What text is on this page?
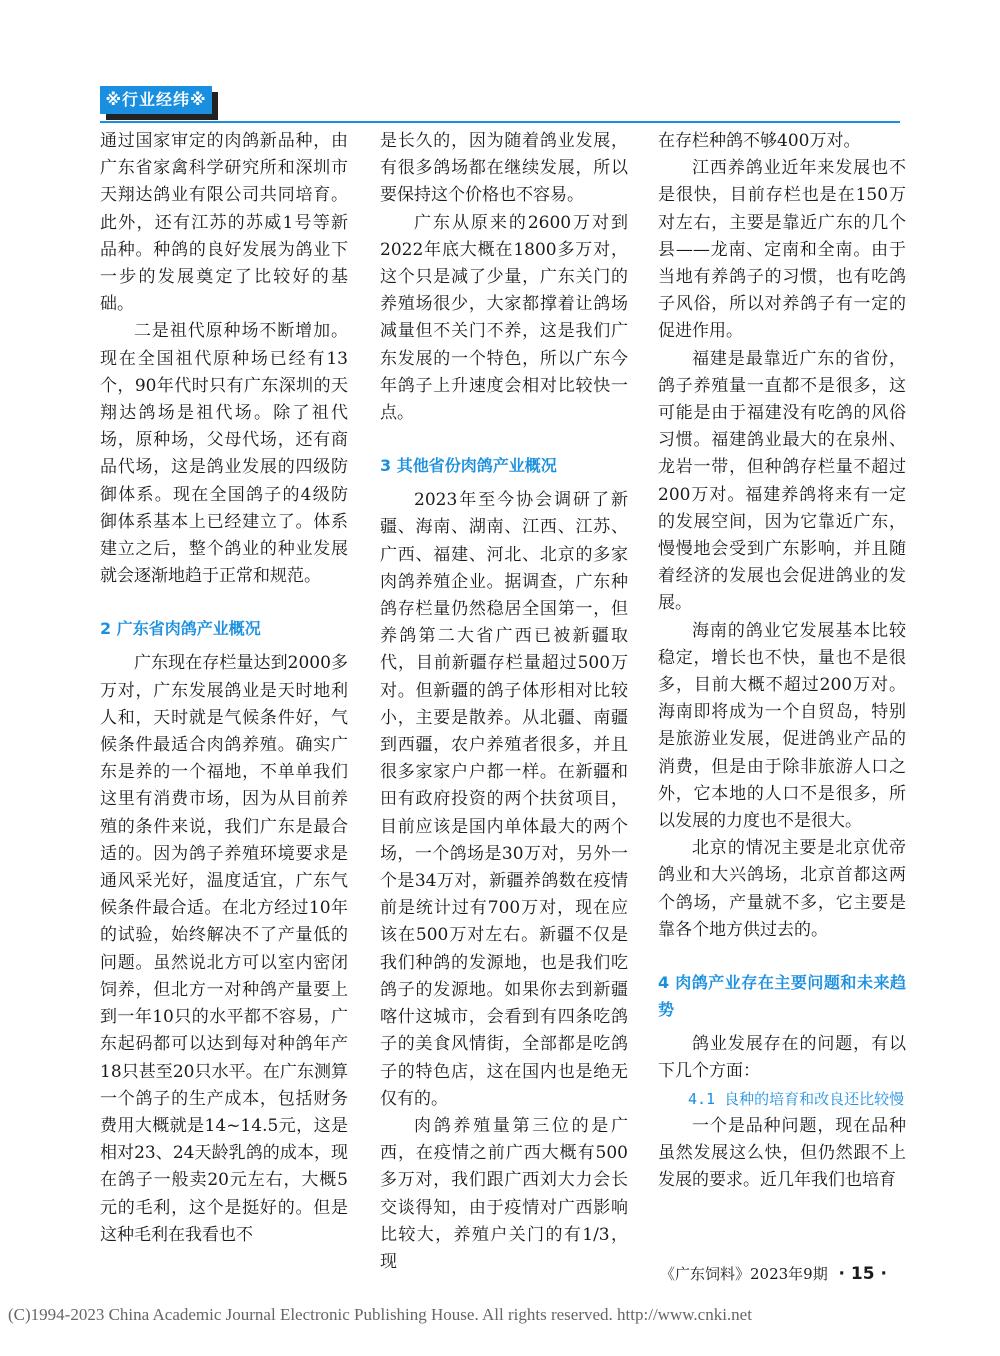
※行业经纬※

通过国家审定的肉鸽新品种，由广东省家禽科学研究所和深圳市天翔达鸽业有限公司共同培育。此外，还有江苏的苏威1号等新品种。种鸽的良好发展为鸽业下一步的发展奠定了比较好的基础。

二是祖代原种场不断增加。现在全国祖代原种场已经有13个，90年代时只有广东深圳的天翔达鸽场是祖代场。除了祖代场，原种场，父母代场，还有商品代场，这是鸽业发展的四级防御体系。现在全国鸽子的4级防御体系基本上已经建立了。体系建立之后，整个鸽业的种业发展就会逐渐地趋于正常和规范。

2 广东省肉鸽产业概况

广东现在存栏量达到2000多万对，广东发展鸽业是天时地利人和，天时就是气候条件好，气候条件最适合肉鸽养殖。确实广东是养的一个福地，不单单我们这里有消费市场，因为从目前养殖的条件来说，我们广东是最合适的。因为鸽子养殖环境要求是通风采光好，温度适宜，广东气候条件最合适。在北方经过10年的试验，始终解决不了产量低的问题。虽然说北方可以室内密闭饲养，但北方一对种鸽产量要上到一年10只的水平都不容易，广东起码都可以达到每对种鸽年产18只甚至20只水平。在广东测算一个鸽子的生产成本，包括财务费用大概就是14~14.5元，这是相对23、24天龄乳鸽的成本，现在鸽子一般卖20元左右，大概5元的毛利，这个是挺好的。但是这种毛利在我看也不

是长久的，因为随着鸽业发展，有很多鸽场都在继续发展，所以要保持这个价格也不容易。

广东从原来的2600万对到2022年底大概在1800多万对，这个只是减了少量，广东关门的养殖场很少，大家都撑着让鸽场减量但不关门不养，这是我们广东发展的一个特色，所以广东今年鸽子上升速度会相对比较快一点。

3 其他省份肉鸽产业概况

2023年至今协会调研了新疆、海南、湖南、江西、江苏、广西、福建、河北、北京的多家肉鸽养殖企业。据调查，广东种鸽存栏量仍然稳居全国第一，但养鸽第二大省广西已被新疆取代，目前新疆存栏量超过500万对。但新疆的鸽子体形相对比较小，主要是散养。从北疆、南疆到西疆，农户养殖者很多，并且很多家家户户都一样。在新疆和田有政府投资的两个扶贫项目，目前应该是国内单体最大的两个场，一个鸽场是30万对，另外一个是34万对，新疆养鸽数在疫情前是统计过有700万对，现在应该在500万对左右。新疆不仅是我们种鸽的发源地，也是我们吃鸽子的发源地。如果你去到新疆喀什这城市，会看到有四条吃鸽子的美食风情街，全部都是吃鸽子的特色店，这在国内也是绝无仅有的。

肉鸽养殖量第三位的是广西，在疫情之前广西大概有500多万对，我们跟广西刘大力会长交谈得知，由于疫情对广西影响比较大，养殖户关门的有1/3，现

在存栏种鸽不够400万对。

江西养鸽业近年来发展也不是很快，目前存栏也是在150万对左右，主要是靠近广东的几个县——龙南、定南和全南。由于当地有养鸽子的习惯，也有吃鸽子风俗，所以对养鸽子有一定的促进作用。

福建是最靠近广东的省份，鸽子养殖量一直都不是很多，这可能是由于福建没有吃鸽的风俗习惯。福建鸽业最大的在泉州、龙岩一带，但种鸽存栏量不超过200万对。福建养鸽将来有一定的发展空间，因为它靠近广东，慢慢地会受到广东影响，并且随着经济的发展也会促进鸽业的发展。

海南的鸽业它发展基本比较稳定，增长也不快，量也不是很多，目前大概不超过200万对。海南即将成为一个自贸岛，特别是旅游业发展，促进鸽业产品的消费，但是由于除非旅游人口之外，它本地的人口不是很多，所以发展的力度也不是很大。

北京的情况主要是北京优帝鸽业和大兴鸽场，北京首都这两个鸽场，产量就不多，它主要是靠各个地方供过去的。

4 肉鸽产业存在主要问题和未来趋势

鸽业发展存在的问题，有以下几个方面：

4.1 良种的培育和改良还比较慢

一个是品种问题，现在品种虽然发展这么快，但仍然跟不上发展的要求。近几年我们也培育

《广东饲料》2023年9期 · 15 ·
(C)1994-2023 China Academic Journal Electronic Publishing House. All rights reserved. http://www.cnki.net
